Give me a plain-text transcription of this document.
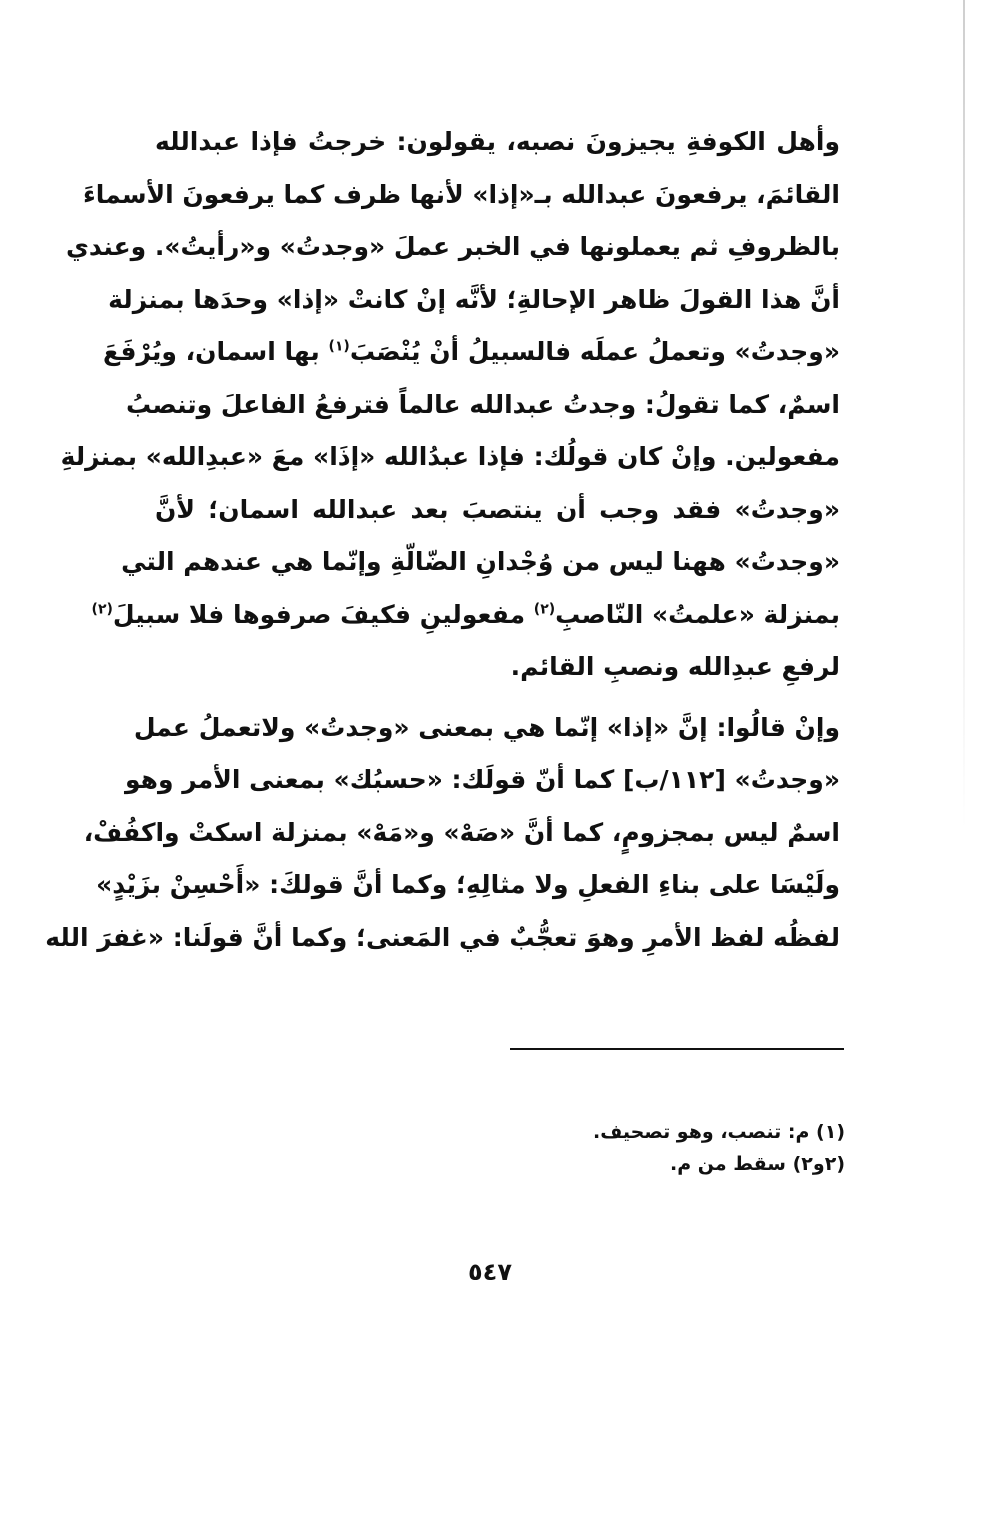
وأهل الكوفةِ يجيزونَ نصبه، يقولون: خرجتُ فإذا عبدالله
القائمَ، يرفعونَ عبدالله بـ«إذا» لأنها ظرف كما يرفعونَ الأسماءَ
بالظروفِ ثم يعملونها في الخبر عملَ «وجدتُ» و«رأيتُ». وعندي
أنَّ هذا القولَ ظاهر الإحالةِ؛ لأنَّه إنْ كانتْ «إذا» وحدَها بمنزلة
«وجدتُ» وتعملُ عملَه فالسبيلُ أنْ يُنْصَبَ$^{(١)}$ بها اسمان، ويُرْفَعَ
اسمٌ، كما تقولُ: وجدتُ عبدالله عالماً فترفعُ الفاعلَ وتنصبُ
مفعولين. وإنْ كان قولُك: فإذا عبدُالله «إذَا» معَ «عبدِالله» بمنزلةِ
«وجدتُ» فقد وجب أن ينتصبَ بعد عبدالله اسمان؛ لأنَّ
«وجدتُ» ههنا ليس من وُجْدانِ الضّالّةِ وإنّما هي عندهم التي
بمنزلة «علمتُ» النّاصبِ$^{(٢)}$ مفعولينِ فكيفَ صرفوها فلا سبيلَ$^{(٢)}$
لرفعِ عبدِالله ونصبِ القائم.
وإنْ قالُوا: إنَّ «إذا» إنّما هي بمعنى «وجدتُ» ولاتعملُ عمل
«وجدتُ» [١١٢/ب] كما أنّ قولَك: «حسبُك» بمعنى الأمر وهو
اسمٌ ليس بمجزومٍ، كما أنَّ «صَهْ» و«مَهْ» بمنزلة اسكتْ واكفُفْ،
ولَيْسَا على بناءِ الفعلِ ولا مثالِهِ؛ وكما أنَّ قولكَ: «أَحْسِنْ بزَيْدٍ»
لفظُه لفظ الأمرِ وهوَ تعجُّبٌ في المَعنى؛ وكما أنَّ قولَنا: «غفرَ الله
(١) م: تنصب، وهو تصحيف.
(٢و٢) سقط من م.
٥٤٧
